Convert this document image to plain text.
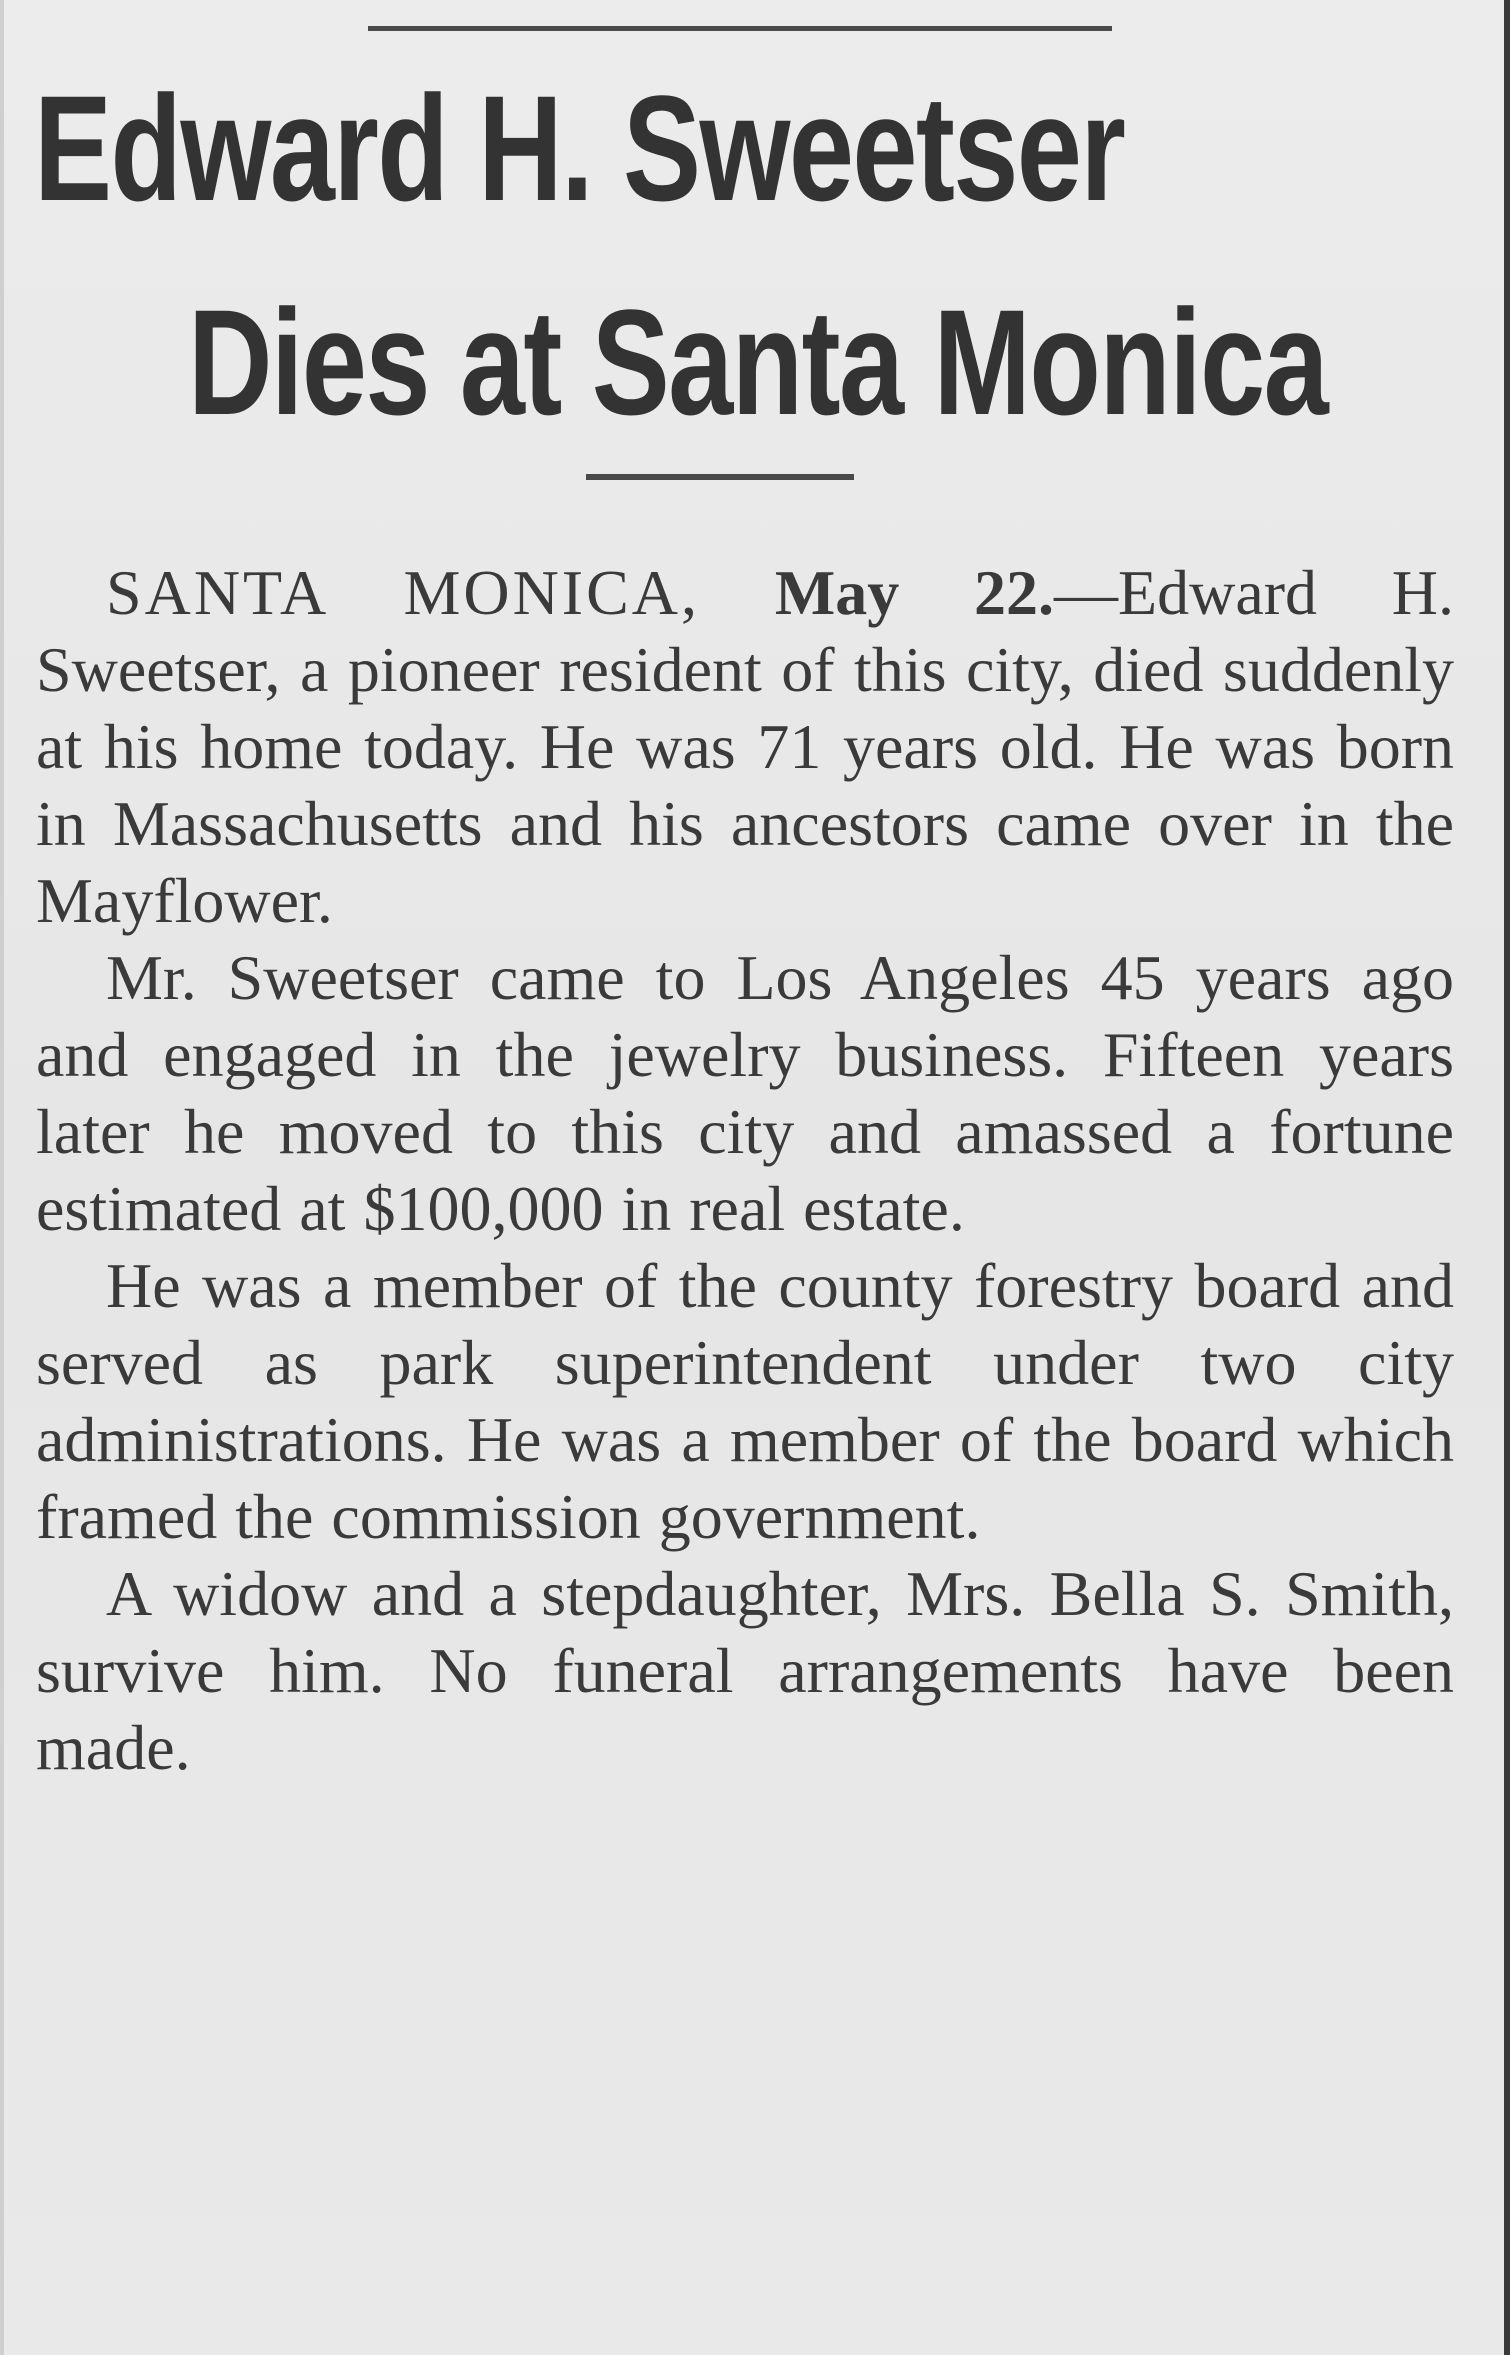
Edward H. Sweetser
Dies at Santa Monica

SANTA MONICA, May 22.—Edward H. Sweetser, a pioneer resident of this city, died suddenly at his home today. He was 71 years old. He was born in Massachusetts and his ancestors came over in the Mayflower.

Mr. Sweetser came to Los Angeles 45 years ago and engaged in the jewelry business. Fifteen years later he moved to this city and amassed a fortune estimated at $100,000 in real estate.

He was a member of the county forestry board and served as park superintendent under two city administrations. He was a member of the board which framed the commission government.

A widow and a stepdaughter, Mrs. Bella S. Smith, survive him. No funeral arrangements have been made.
